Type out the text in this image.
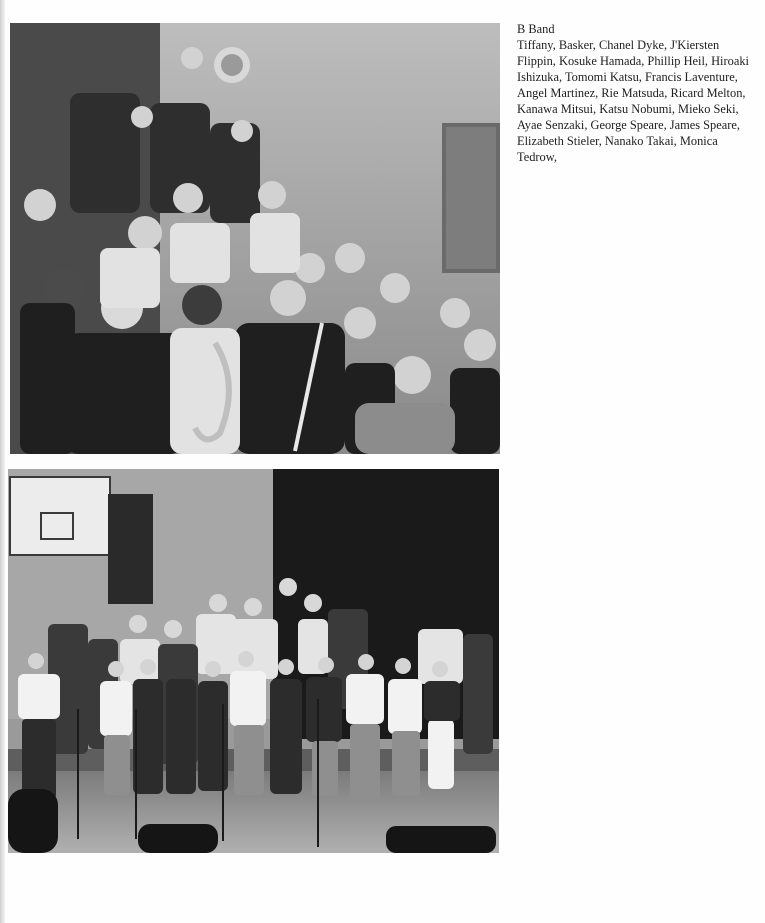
B Band
Tiffany, Basker, Chanel Dyke, J'Kiersten Flippin, Kosuke Hamada, Phillip Heil, Hiroaki Ishizuka, Tomomi Katsu, Francis Laventure, Angel Martinez, Rie Matsuda, Ricard Melton, Kanawa Mitsui, Katsu Nobumi, Mieko Seki, Ayae Senzaki, George Speare, James Speare, Elizabeth Stieler, Nanako Takai, Monica Tedrow,
